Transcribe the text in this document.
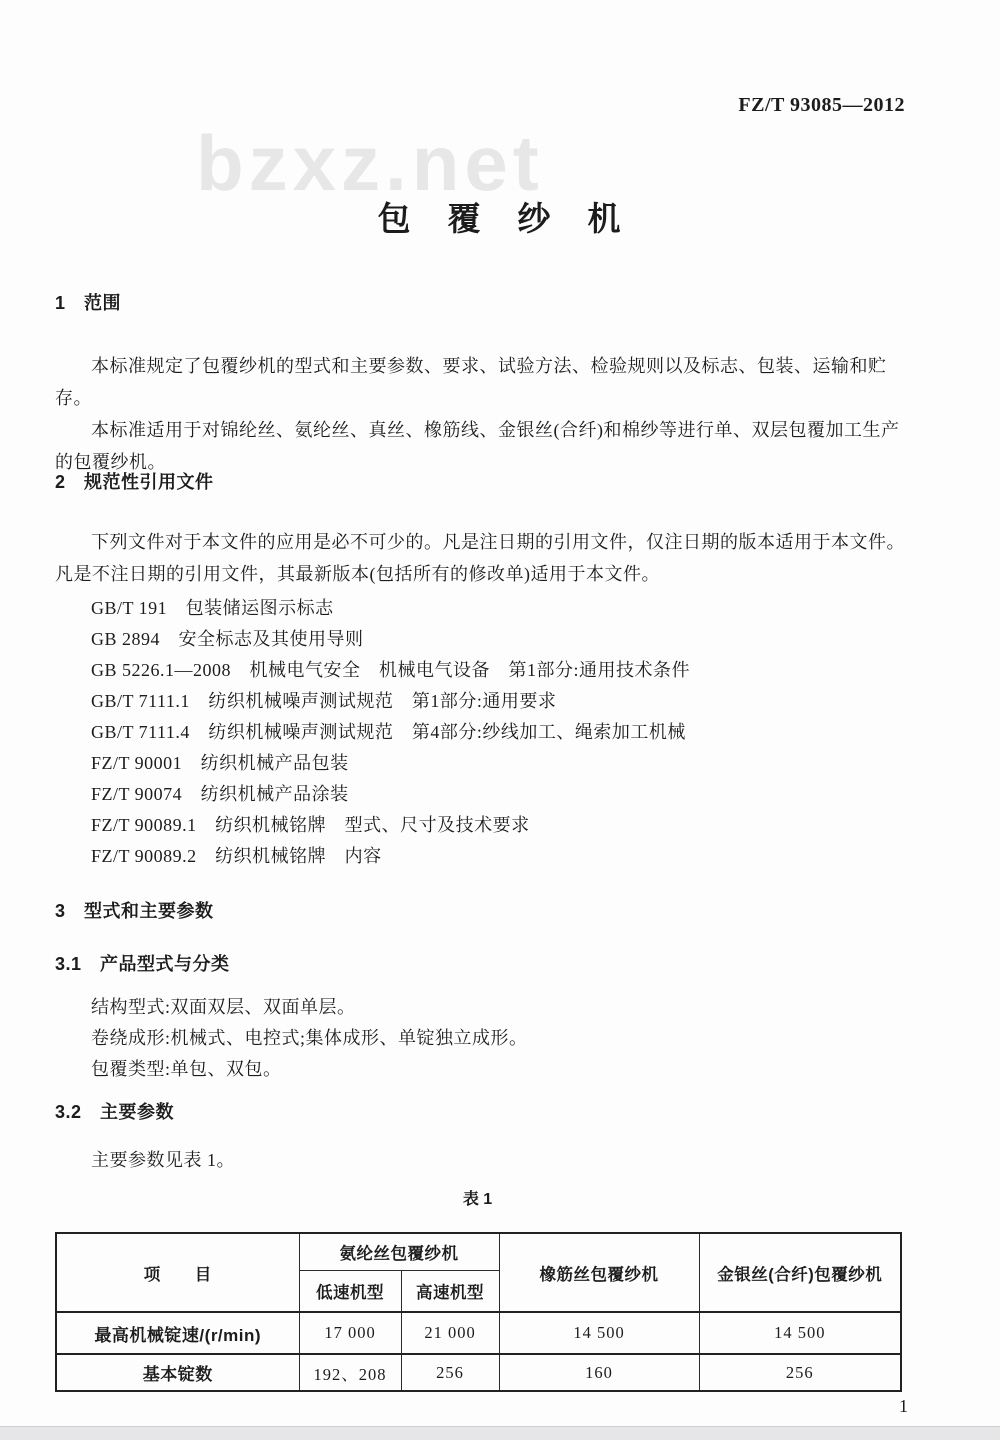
FZ/T 93085—2012
bzxz.net
包　覆　纱　机
1　范围

本标准规定了包覆纱机的型式和主要参数、要求、试验方法、检验规则以及标志、包装、运输和贮存。

本标准适用于对锦纶丝、氨纶丝、真丝、橡筋线、金银丝(合纤)和棉纱等进行单、双层包覆加工生产的包覆纱机。

2　规范性引用文件

下列文件对于本文件的应用是必不可少的。凡是注日期的引用文件，仅注日期的版本适用于本文件。凡是不注日期的引用文件，其最新版本(包括所有的修改单)适用于本文件。

GB/T 191　包装储运图示标志
GB 2894　安全标志及其使用导则
GB 5226.1—2008　机械电气安全　机械电气设备　第1部分:通用技术条件
GB/T 7111.1　纺织机械噪声测试规范　第1部分:通用要求
GB/T 7111.4　纺织机械噪声测试规范　第4部分:纱线加工、绳索加工机械
FZ/T 90001　纺织机械产品包装
FZ/T 90074　纺织机械产品涂装
FZ/T 90089.1　纺织机械铭牌　型式、尺寸及技术要求
FZ/T 90089.2　纺织机械铭牌　内容
3　型式和主要参数
3.1　产品型式与分类

结构型式:双面双层、双面单层。

卷绕成形:机械式、电控式;集体成形、单锭独立成形。

包覆类型:单包、双包。

3.2　主要参数

主要参数见表 1。

表 1
项　　目	氨纶丝包覆纱机		橡筋丝包覆纱机	金银丝(合纤)包覆纱机
	低速机型	高速机型		
最高机械锭速/(r/min)	17 000	21 000	14 500	14 500
基本锭数	192、208	256	160	256
1
